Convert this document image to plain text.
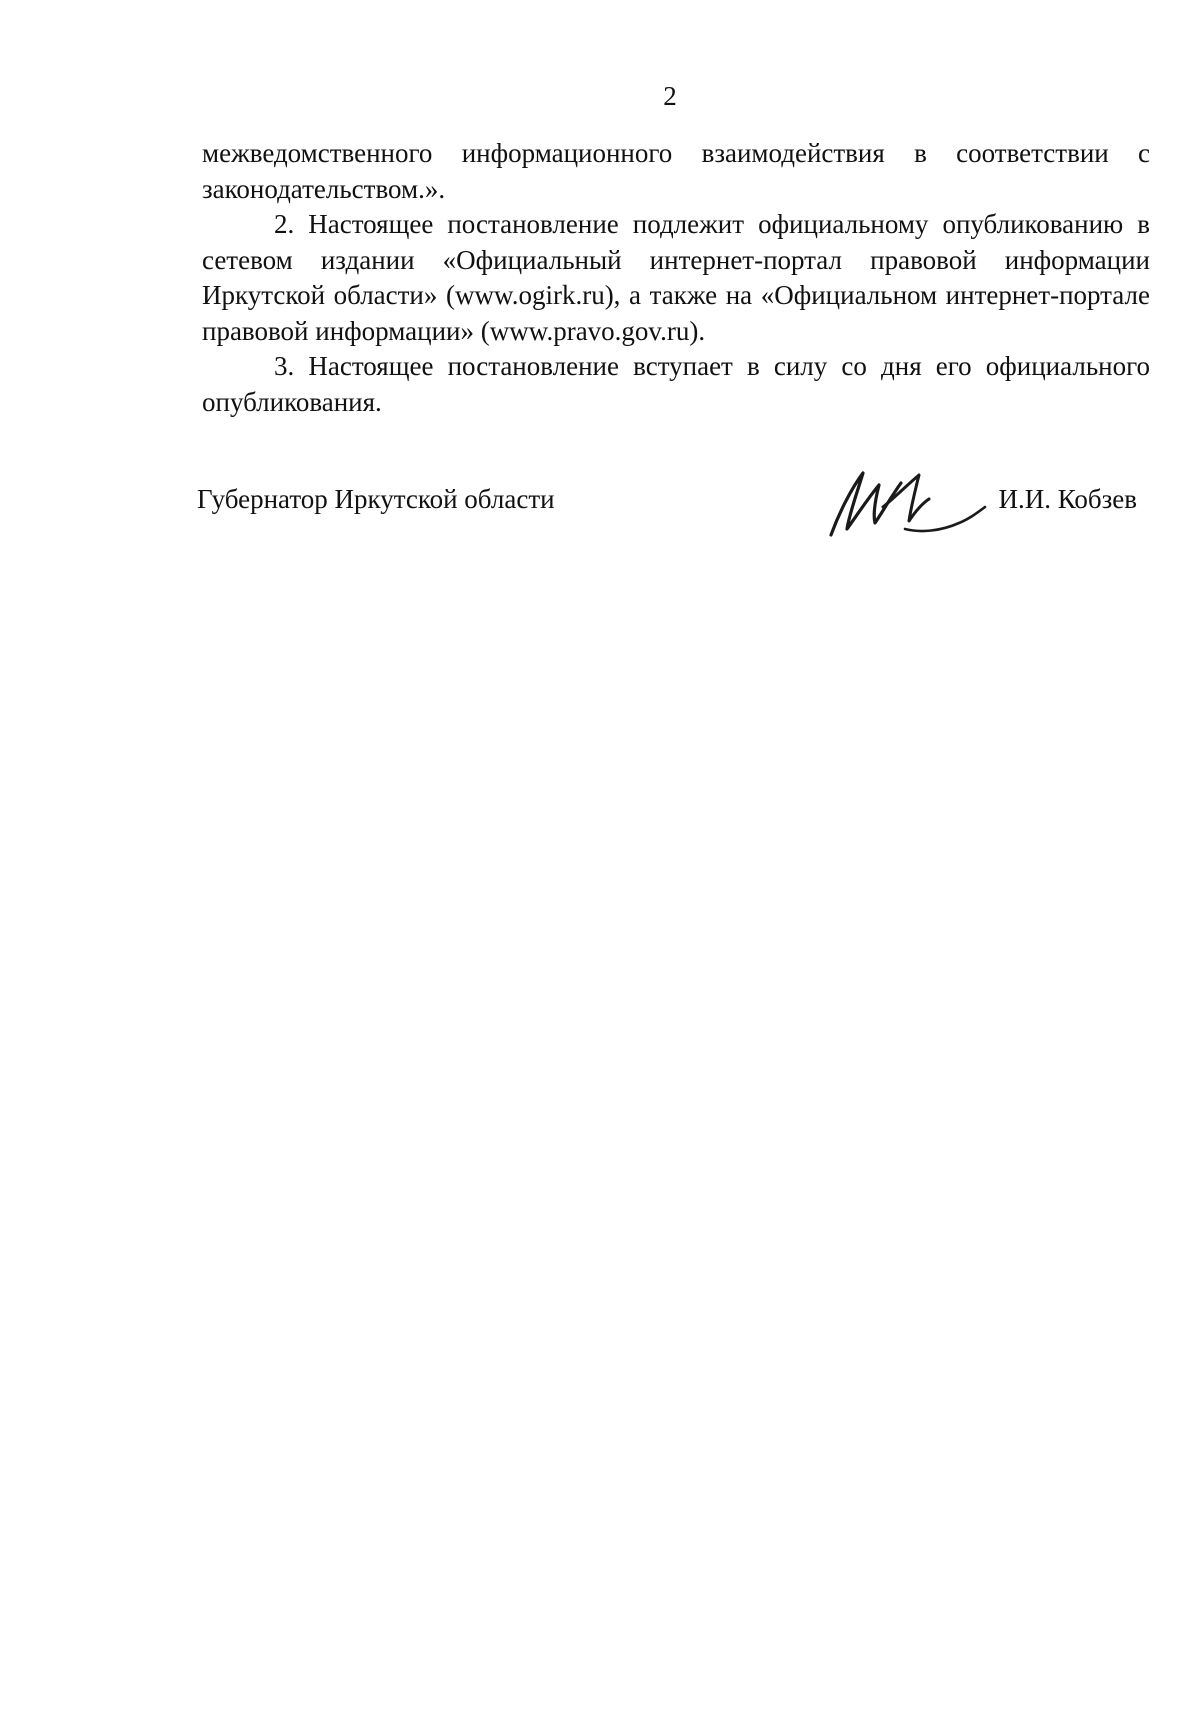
2

межведомственного информационного взаимодействия в соответствии с законодательством.».

2. Настоящее постановление подлежит официальному опубликованию в сетевом издании «Официальный интернет-портал правовой информации Иркутской области» (www.ogirk.ru), а также на «Официальном интернет-портале правовой информации» (www.pravo.gov.ru).

3. Настоящее постановление вступает в силу со дня его официального опубликования.

Губернатор Иркутской области	И.И. Кобзев
